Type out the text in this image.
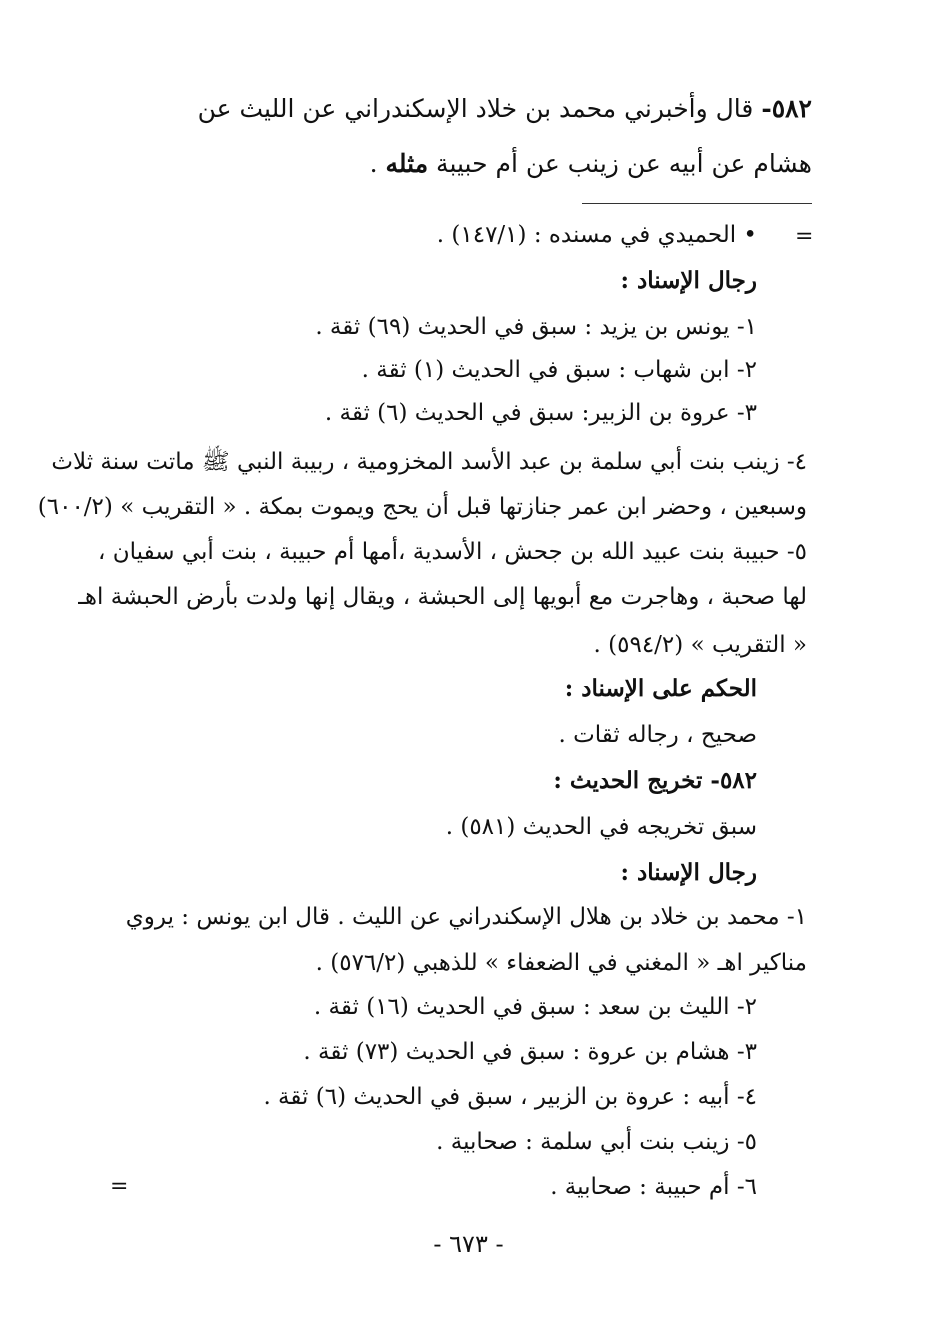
٥٨٢- قال وأخبرني محمد بن خلاد الإسكندراني عن الليث عن
هشام عن أبيه عن زينب عن أم حبيبة مثله .
=
• الحميدي في مسنده : (١٤٧/١) .
رجال الإسناد :
١- يونس بن يزيد : سبق في الحديث (٦٩) ثقة .
٢- ابن شهاب : سبق في الحديث (١) ثقة .
٣- عروة بن الزبير: سبق في الحديث (٦) ثقة .
٤- زينب بنت أبي سلمة بن عبد الأسد المخزومية ، ربيبة النبي ﷺ ماتت سنة ثلاث
وسبعين ، وحضر ابن عمر جنازتها قبل أن يحج ويموت بمكة . « التقريب » (٦٠٠/٢)
٥- حبيبة بنت عبيد الله بن جحش ، الأسدية ،أمها أم حبيبة ، بنت أبي سفيان ،
لها صحبة ، وهاجرت مع أبويها إلى الحبشة ، ويقال إنها ولدت بأرض الحبشة اهـ
« التقريب » (٥٩٤/٢) .
الحكم على الإسناد :
صحيح ، رجاله ثقات .
٥٨٢- تخريج الحديث :
سبق تخريجه في الحديث (٥٨١) .
رجال الإسناد :
١- محمد بن خلاد بن هلال الإسكندراني عن الليث . قال ابن يونس : يروي
مناكير اهـ « المغني في الضعفاء » للذهبي (٥٧٦/٢) .
٢- الليث بن سعد : سبق في الحديث (١٦) ثقة .
٣- هشام بن عروة : سبق في الحديث (٧٣) ثقة .
٤- أبيه : عروة بن الزبير ، سبق في الحديث (٦) ثقة .
٥- زينب بنت أبي سلمة : صحابية .
٦- أم حبيبة : صحابية .
=
- ٦٧٣ -
